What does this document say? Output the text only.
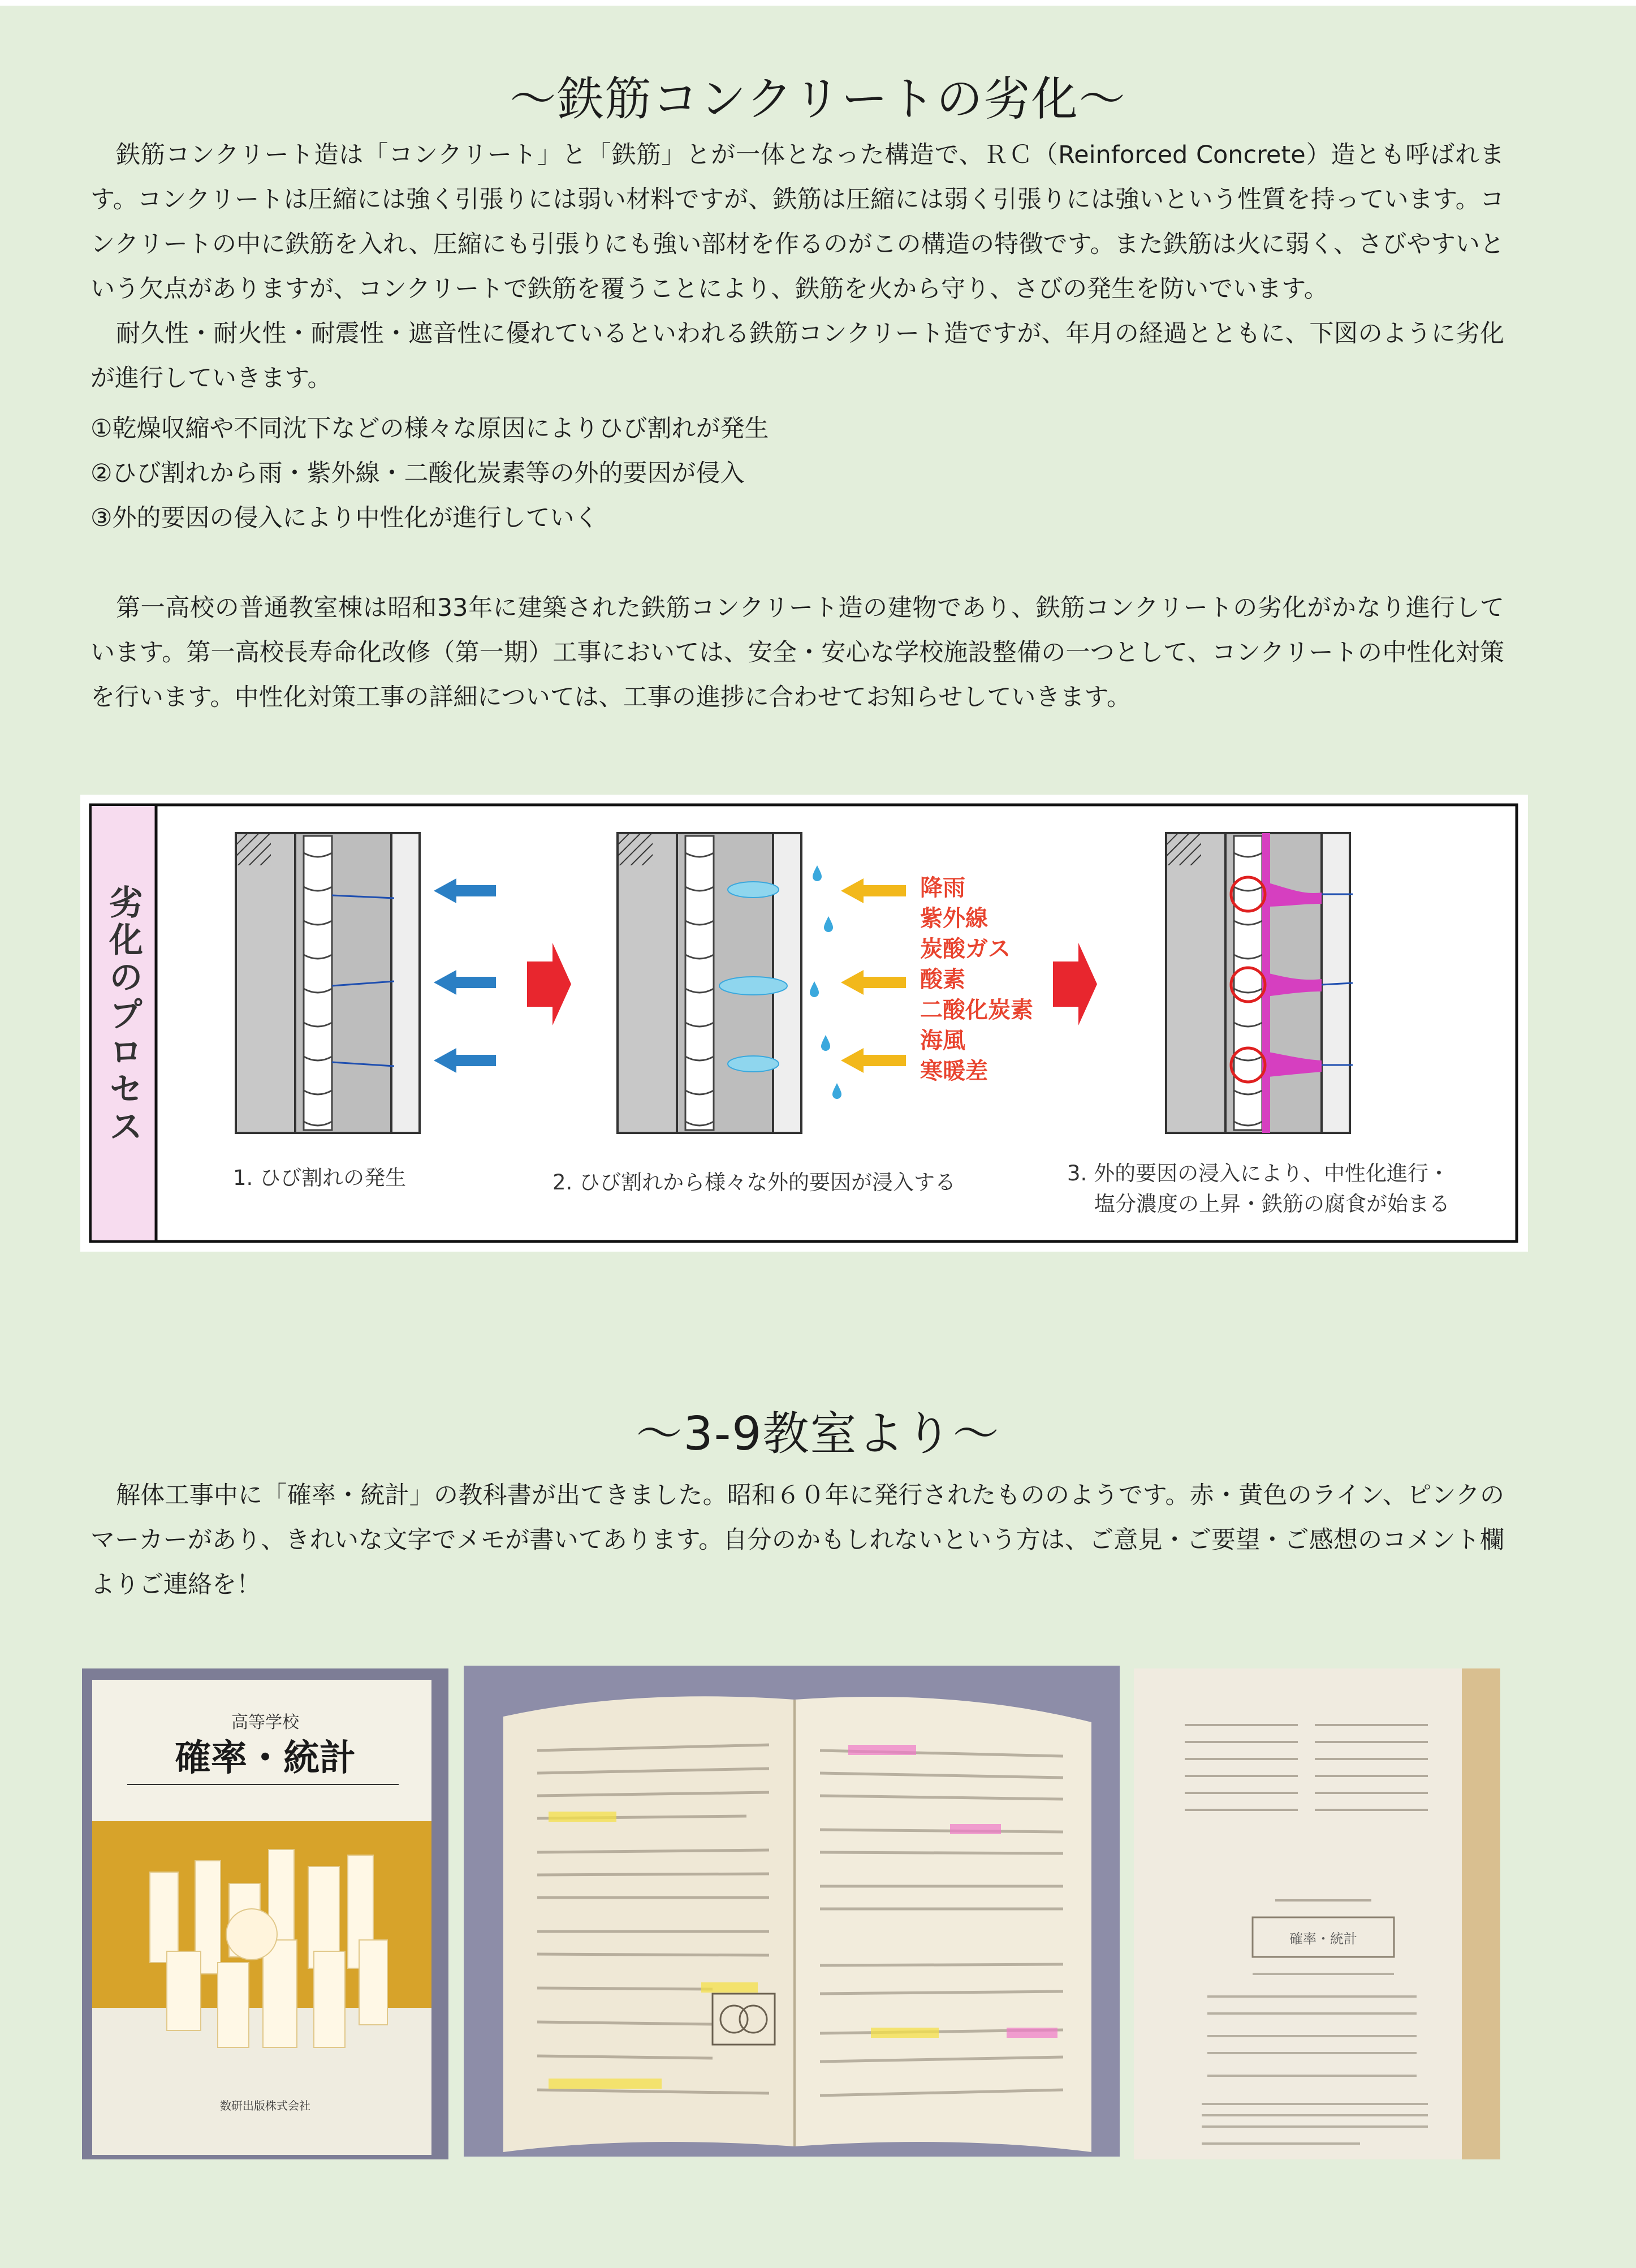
～鉄筋コンクリートの劣化～

鉄筋コンクリート造は「コンクリート」と「鉄筋」とが一体となった構造で、ＲＣ（Reinforced Concrete）造とも呼ばれます。コンクリートは圧縮には強く引張りには弱い材料ですが、鉄筋は圧縮には弱く引張りには強いという性質を持っています。コンクリートの中に鉄筋を入れ、圧縮にも引張りにも強い部材を作るのがこの構造の特徴です。また鉄筋は火に弱く、さびやすいという欠点がありますが、コンクリートで鉄筋を覆うことにより、鉄筋を火から守り、さびの発生を防いでいます。

耐久性・耐火性・耐震性・遮音性に優れているといわれる鉄筋コンクリート造ですが、年月の経過とともに、下図のように劣化が進行していきます。

①乾燥収縮や不同沈下などの様々な原因によりひび割れが発生
②ひび割れから雨・紫外線・二酸化炭素等の外的要因が侵入
③外的要因の侵入により中性化が進行していく

第一高校の普通教室棟は昭和33年に建築された鉄筋コンクリート造の建物であり、鉄筋コンクリートの劣化がかなり進行しています。第一高校長寿命化改修（第一期）工事においては、安全・安心な学校施設整備の一つとして、コンクリートの中性化対策を行います。中性化対策工事の詳細については、工事の進捗に合わせてお知らせしていきます。

劣化のプロセス	降雨
紫外線
炭酸ガス
酸素
二酸化炭素
海風
寒暖差
1. ひび割れの発生	2. ひび割れから様々な外的要因が浸入する	3. 外的要因の浸入により、中性化進行・
塩分濃度の上昇・鉄筋の腐食が始まる
～3-9教室より～

解体工事中に「確率・統計」の教科書が出てきました。昭和６０年に発行されたもののようです。赤・黄色のライン、ピンクのマーカーがあり、きれいな文字でメモが書いてあります。自分のかもしれないという方は、ご意見・ご要望・ご感想のコメント欄よりご連絡を！

高等学校
確率・統計
数研出版株式会社
確率・統計
